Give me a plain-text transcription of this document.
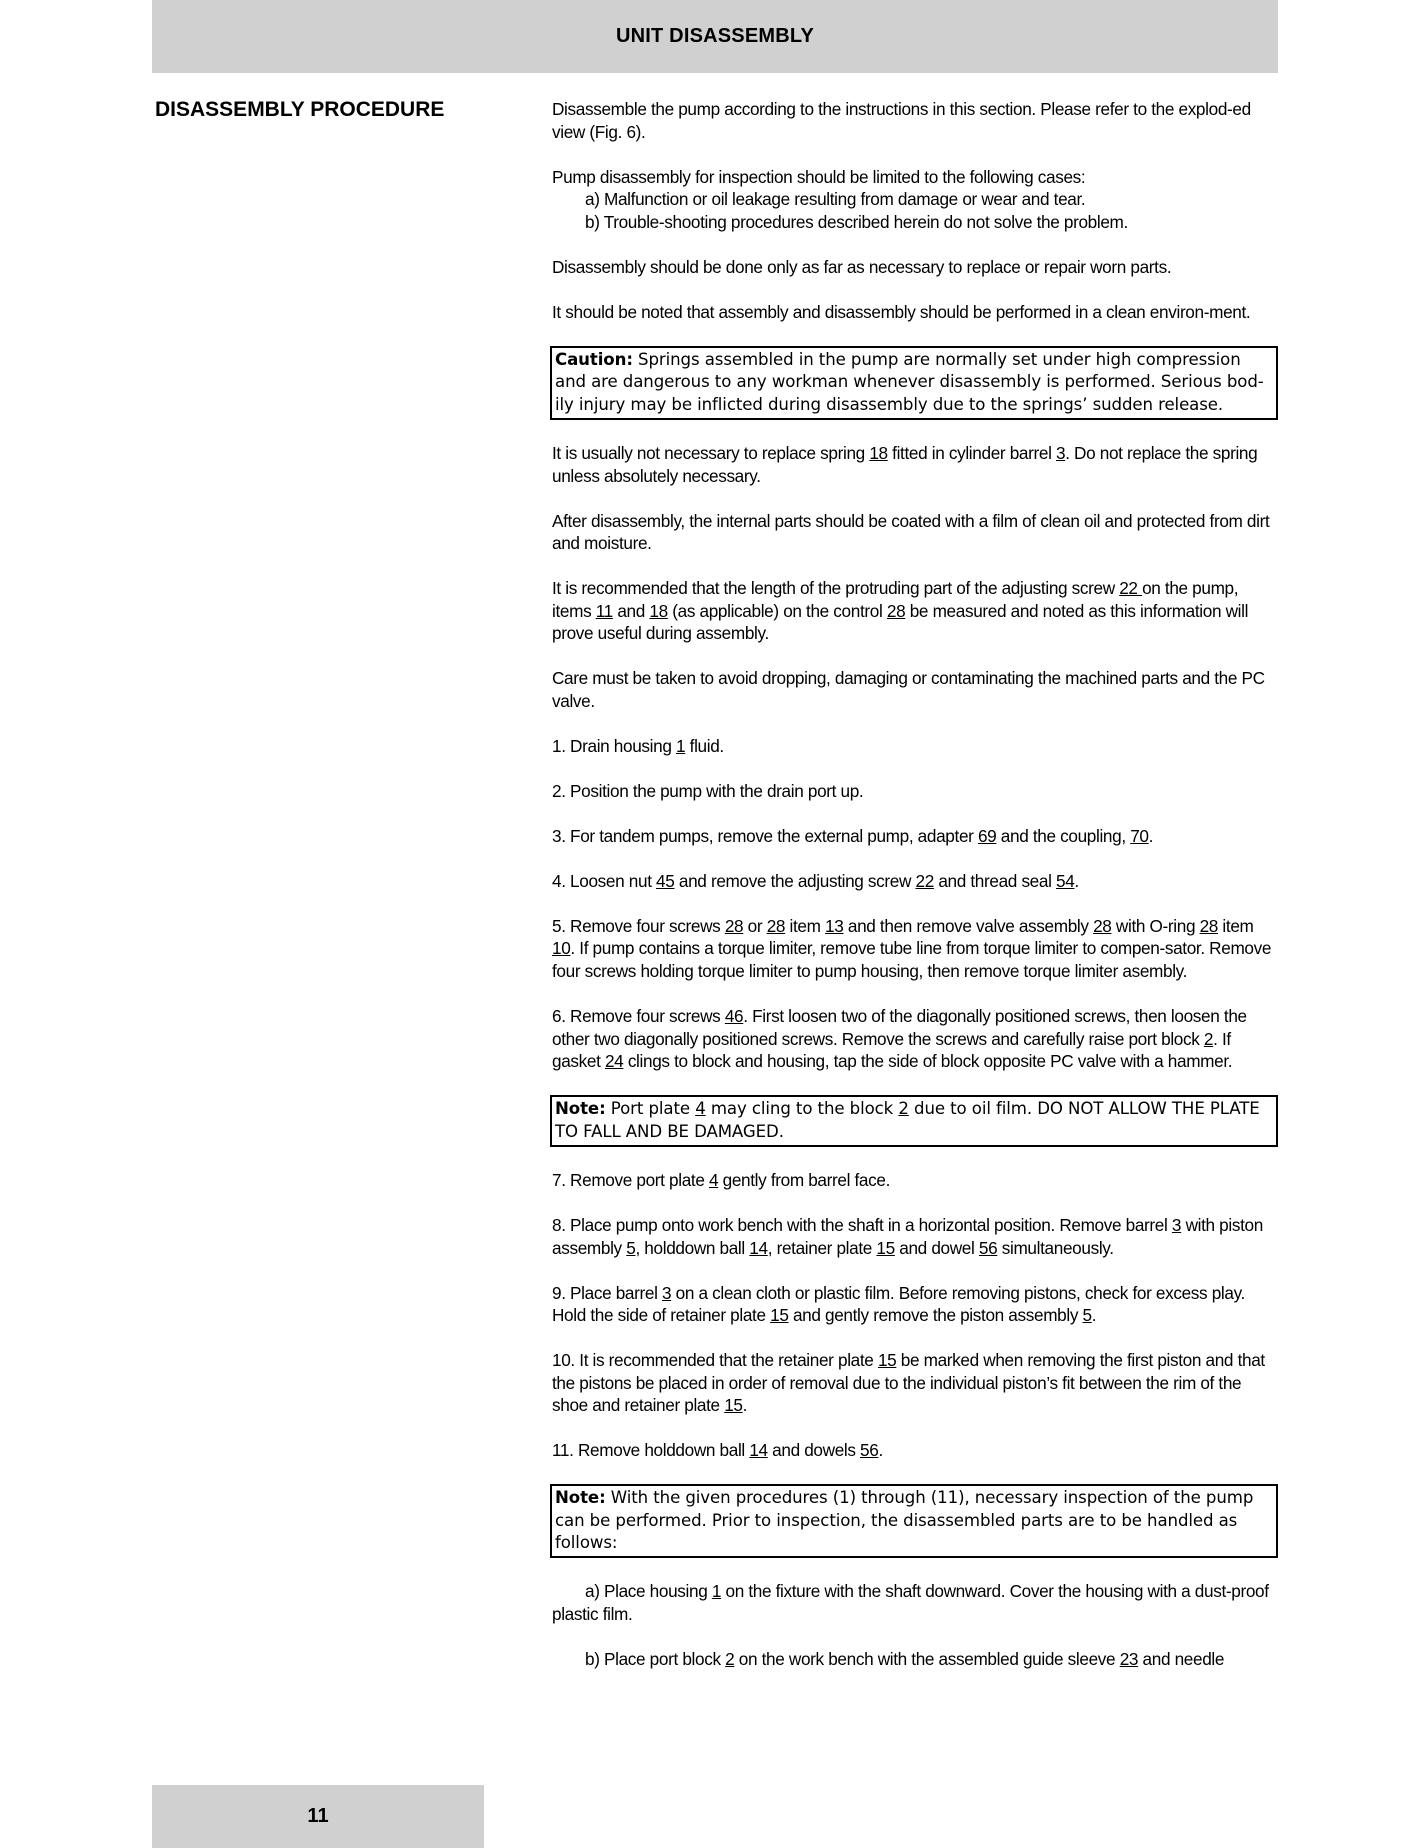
UNIT DISASSEMBLY
DISASSEMBLY PROCEDURE	Disassemble the pump according to the instructions in this section. Please refer to the explod-ed view (Fig. 6).

Pump disassembly for inspection should be limited to the following cases:
a) Malfunction or oil leakage resulting from damage or wear and tear.
b) Trouble-shooting procedures described herein do not solve the problem.

Disassembly should be done only as far as necessary to replace or repair worn parts.

It should be noted that assembly and disassembly should be performed in a clean environ-ment.

Caution: Springs assembled in the pump are normally set under high compression and are dangerous to any workman whenever disassembly is performed. Serious bod-ily injury may be inflicted during disassembly due to the springs’ sudden release.

It is usually not necessary to replace spring 18 fitted in cylinder barrel 3. Do not replace the spring unless absolutely necessary.

After disassembly, the internal parts should be coated with a film of clean oil and protected from dirt and moisture.

It is recommended that the length of the protruding part of the adjusting screw 22 on the pump, items 11 and 18 (as applicable) on the control 28 be measured and noted as this information will prove useful during assembly.

Care must be taken to avoid dropping, damaging or contaminating the machined parts and the PC valve.

1. Drain housing 1 fluid.

2. Position the pump with the drain port up.

3. For tandem pumps, remove the external pump, adapter 69 and the coupling, 70.

4. Loosen nut 45 and remove the adjusting screw 22 and thread seal 54.

5. Remove four screws 28 or 28 item 13 and then remove valve assembly 28 with O-ring 28 item 10. If pump contains a torque limiter, remove tube line from torque limiter to compen-sator. Remove four screws holding torque limiter to pump housing, then remove torque limiter asembly.

6. Remove four screws 46. First loosen two of the diagonally positioned screws, then loosen the other two diagonally positioned screws. Remove the screws and carefully raise port block 2. If gasket 24 clings to block and housing, tap the side of block opposite PC valve with a hammer.

Note: Port plate 4 may cling to the block 2 due to oil film. DO NOT ALLOW THE PLATE TO FALL AND BE DAMAGED.

7. Remove port plate 4 gently from barrel face.

8. Place pump onto work bench with the shaft in a horizontal position. Remove barrel 3 with piston assembly 5, holddown ball 14, retainer plate 15 and dowel 56 simultaneously.

9. Place barrel 3 on a clean cloth or plastic film. Before removing pistons, check for excess play. Hold the side of retainer plate 15 and gently remove the piston assembly 5.

10. It is recommended that the retainer plate 15 be marked when removing the first piston and that the pistons be placed in order of removal due to the individual piston’s fit between the rim of the shoe and retainer plate 15.

11. Remove holddown ball 14 and dowels 56.

Note: With the given procedures (1) through (11), necessary inspection of the pump can be performed. Prior to inspection, the disassembled parts are to be handled as follows:

a) Place housing 1 on the fixture with the shaft downward. Cover the housing with a dust-proof plastic film.

b) Place port block 2 on the work bench with the assembled guide sleeve 23 and needle

11
